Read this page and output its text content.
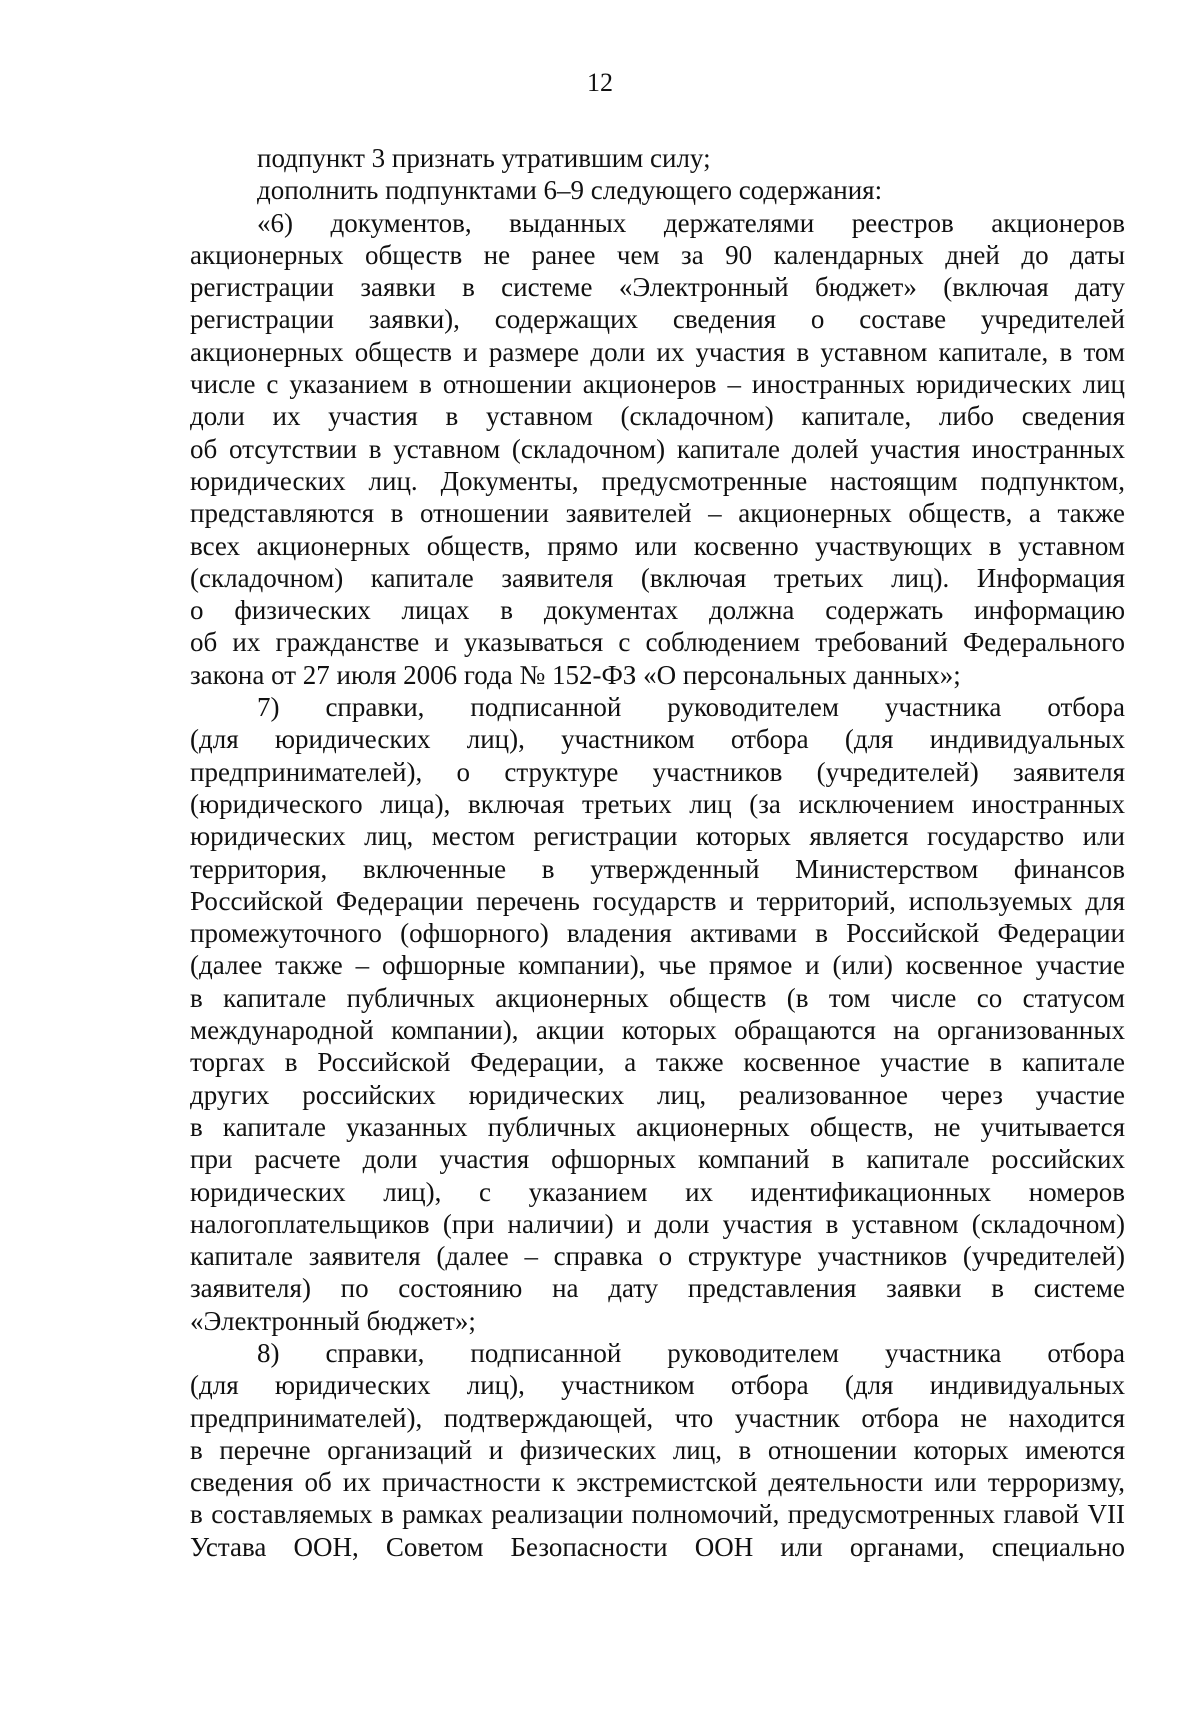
12
подпункт 3 признать утратившим силу;
дополнить подпунктами 6–9 следующего содержания:
«6) документов, выданных держателями реестров акционеров
акционерных обществ не ранее чем за 90 календарных дней до даты
регистрации заявки в системе «Электронный бюджет» (включая дату
регистрации заявки), содержащих сведения о составе учредителей
акционерных обществ и размере доли их участия в уставном капитале, в том
числе с указанием в отношении акционеров – иностранных юридических лиц
доли их участия в уставном (складочном) капитале, либо сведения
об отсутствии в уставном (складочном) капитале долей участия иностранных
юридических лиц. Документы, предусмотренные настоящим подпунктом,
представляются в отношении заявителей – акционерных обществ, а также
всех акционерных обществ, прямо или косвенно участвующих в уставном
(складочном) капитале заявителя (включая третьих лиц). Информация
о физических лицах в документах должна содержать информацию
об их гражданстве и указываться с соблюдением требований Федерального
закона от 27 июля 2006 года № 152-ФЗ «О персональных данных»;
7) справки, подписанной руководителем участника отбора
(для юридических лиц), участником отбора (для индивидуальных
предпринимателей), о структуре участников (учредителей) заявителя
(юридического лица), включая третьих лиц (за исключением иностранных
юридических лиц, местом регистрации которых является государство или
территория, включенные в утвержденный Министерством финансов
Российской Федерации перечень государств и территорий, используемых для
промежуточного (офшорного) владения активами в Российской Федерации
(далее также – офшорные компании), чье прямое и (или) косвенное участие
в капитале публичных акционерных обществ (в том числе со статусом
международной компании), акции которых обращаются на организованных
торгах в Российской Федерации, а также косвенное участие в капитале
других российских юридических лиц, реализованное через участие
в капитале указанных публичных акционерных обществ, не учитывается
при расчете доли участия офшорных компаний в капитале российских
юридических лиц), с указанием их идентификационных номеров
налогоплательщиков (при наличии) и доли участия в уставном (складочном)
капитале заявителя (далее – справка о структуре участников (учредителей)
заявителя) по состоянию на дату представления заявки в системе
«Электронный бюджет»;
8) справки, подписанной руководителем участника отбора
(для юридических лиц), участником отбора (для индивидуальных
предпринимателей), подтверждающей, что участник отбора не находится
в перечне организаций и физических лиц, в отношении которых имеются
сведения об их причастности к экстремистской деятельности или терроризму,
в составляемых в рамках реализации полномочий, предусмотренных главой VII
Устава ООН, Советом Безопасности ООН или органами, специально
